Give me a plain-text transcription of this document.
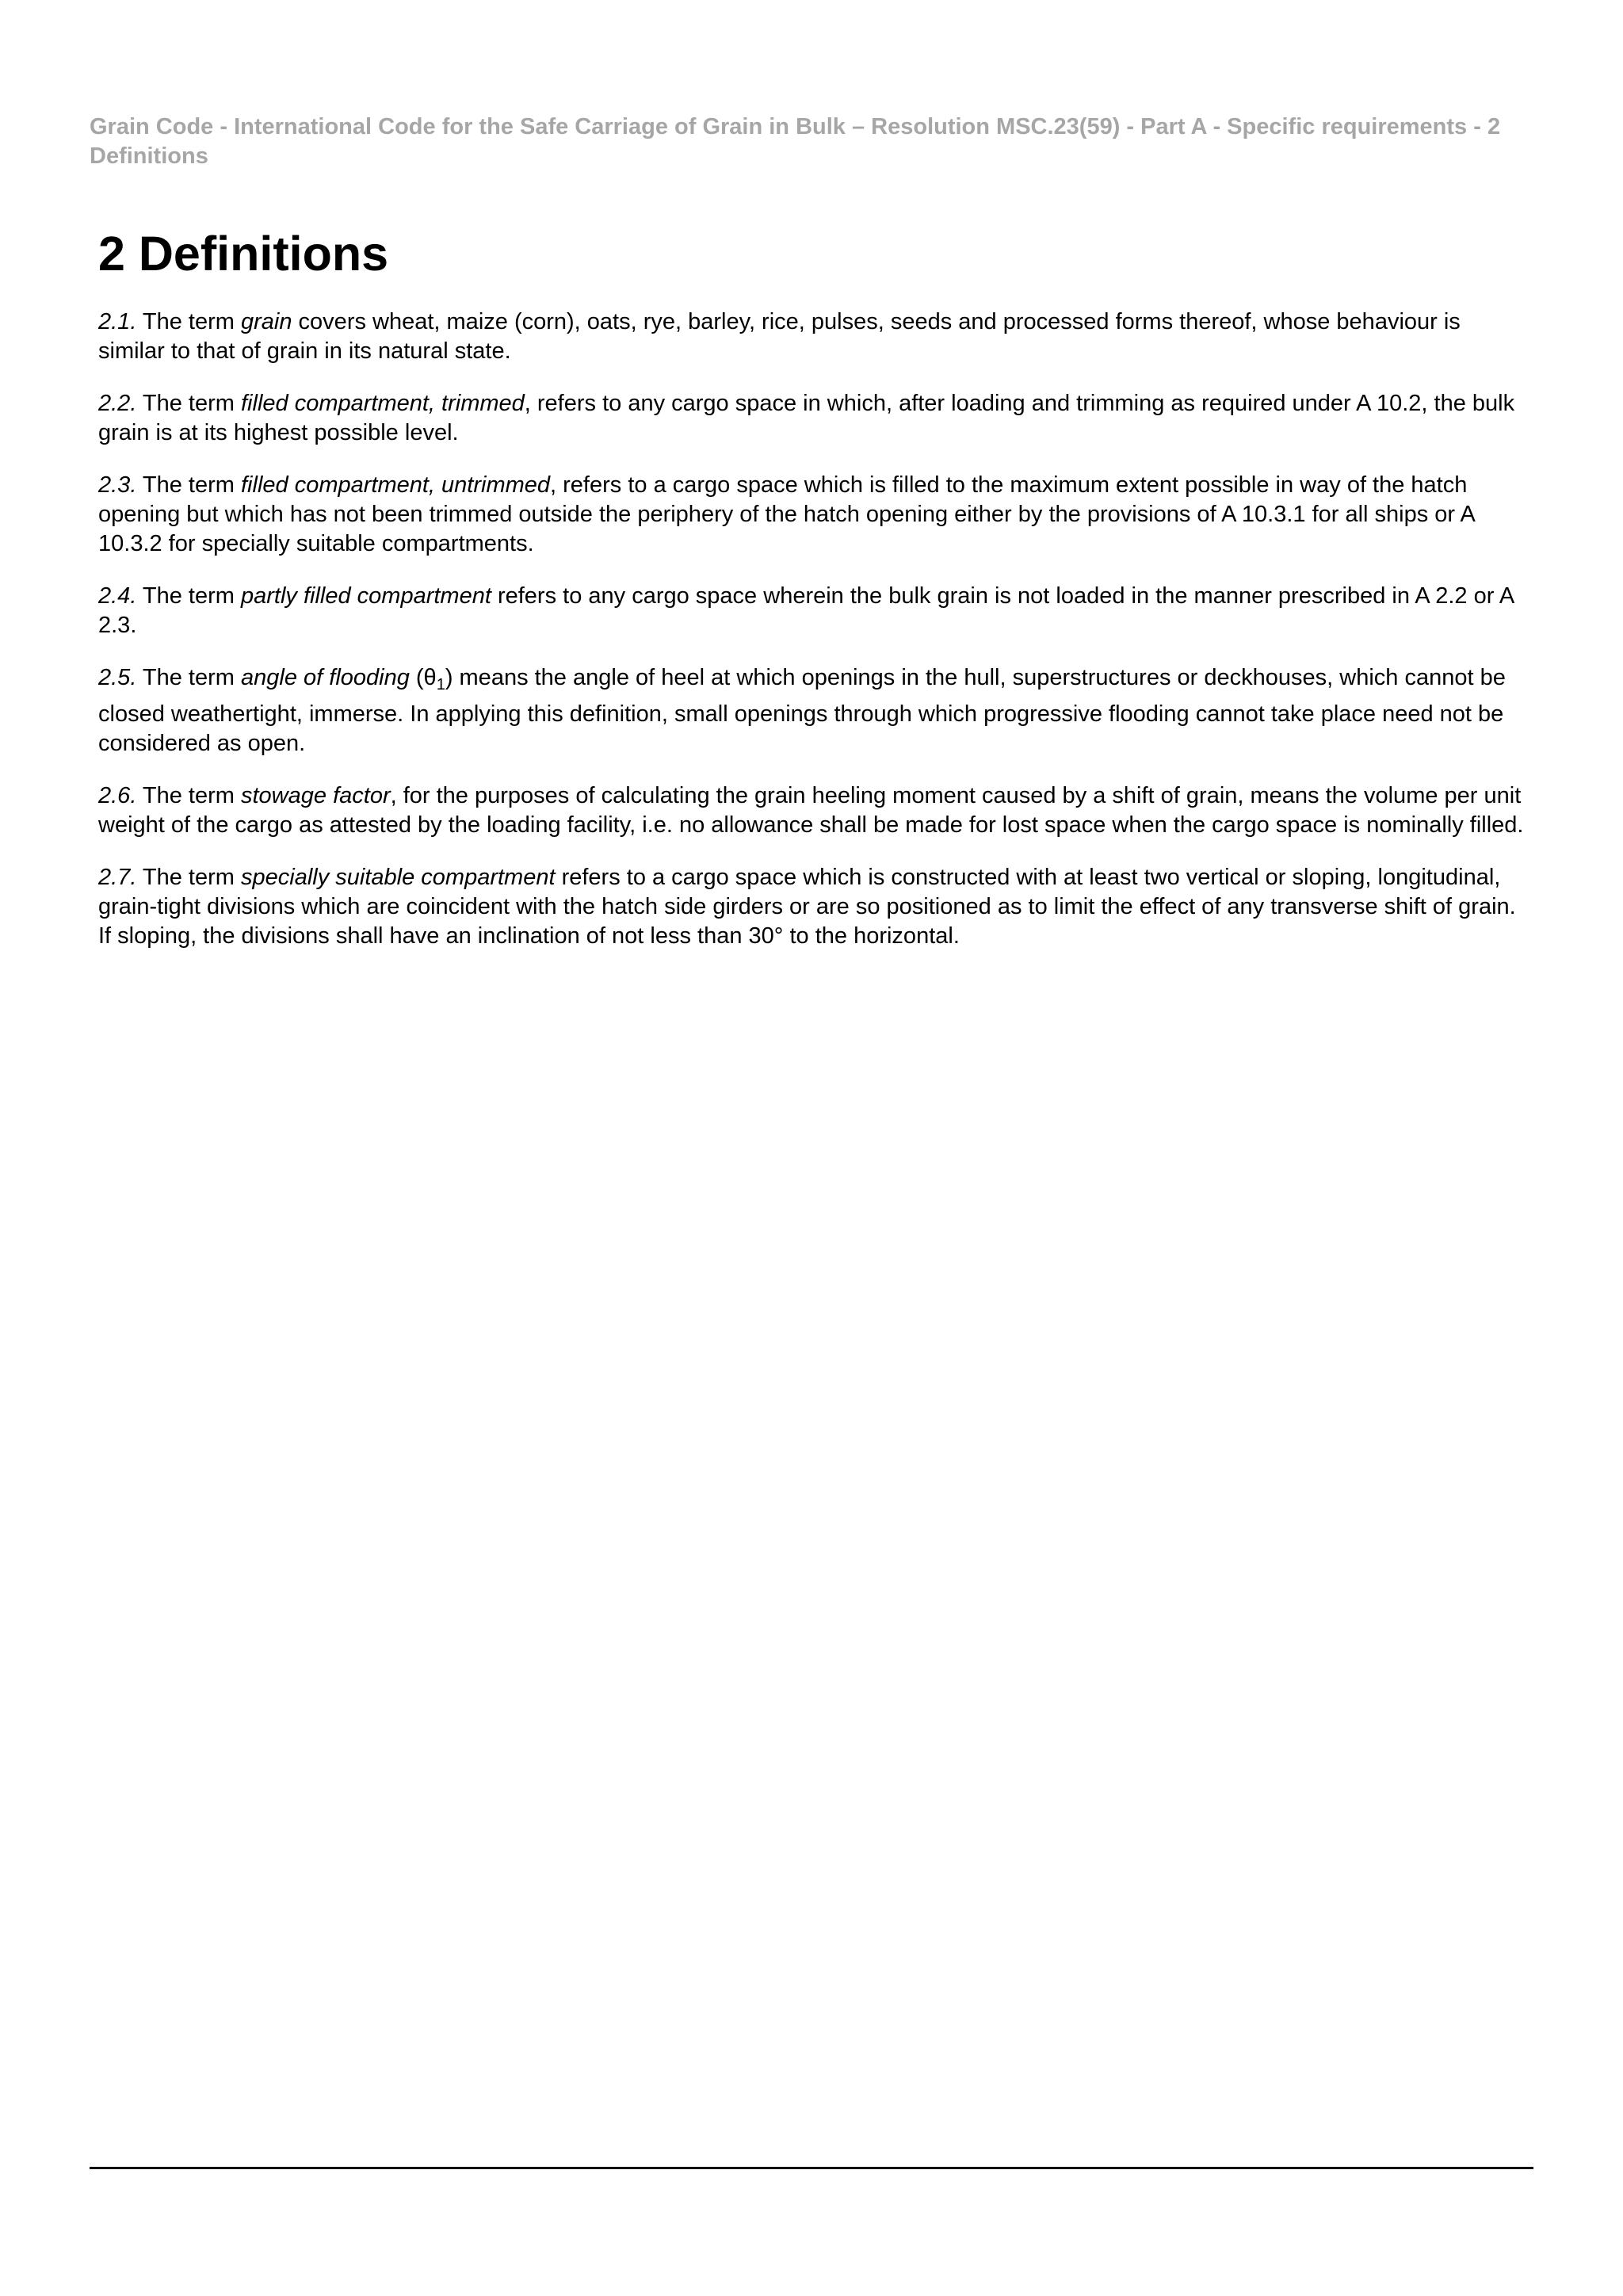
Grain Code - International Code for the Safe Carriage of Grain in Bulk – Resolution MSC.23(59) - Part A - Specific requirements - 2 Definitions
2 Definitions

2.1. The term grain covers wheat, maize (corn), oats, rye, barley, rice, pulses, seeds and processed forms thereof, whose behaviour is similar to that of grain in its natural state.

2.2. The term filled compartment, trimmed, refers to any cargo space in which, after loading and trimming as required under A 10.2, the bulk grain is at its highest possible level.

2.3. The term filled compartment, untrimmed, refers to a cargo space which is filled to the maximum extent possible in way of the hatch opening but which has not been trimmed outside the periphery of the hatch opening either by the provisions of A 10.3.1 for all ships or A 10.3.2 for specially suitable compartments.

2.4. The term partly filled compartment refers to any cargo space wherein the bulk grain is not loaded in the manner prescribed in A 2.2 or A 2.3.

2.5. The term angle of flooding $(\theta_1)$ means the angle of heel at which openings in the hull, superstructures or deckhouses, which cannot be closed weathertight, immerse. In applying this definition, small openings through which progressive flooding cannot take place need not be considered as open.

2.6. The term stowage factor, for the purposes of calculating the grain heeling moment caused by a shift of grain, means the volume per unit weight of the cargo as attested by the loading facility, i.e. no allowance shall be made for lost space when the cargo space is nominally filled.

2.7. The term specially suitable compartment refers to a cargo space which is constructed with at least two vertical or sloping, longitudinal, grain-tight divisions which are coincident with the hatch side girders or are so positioned as to limit the effect of any transverse shift of grain. If sloping, the divisions shall have an inclination of not less than 30° to the horizontal.
